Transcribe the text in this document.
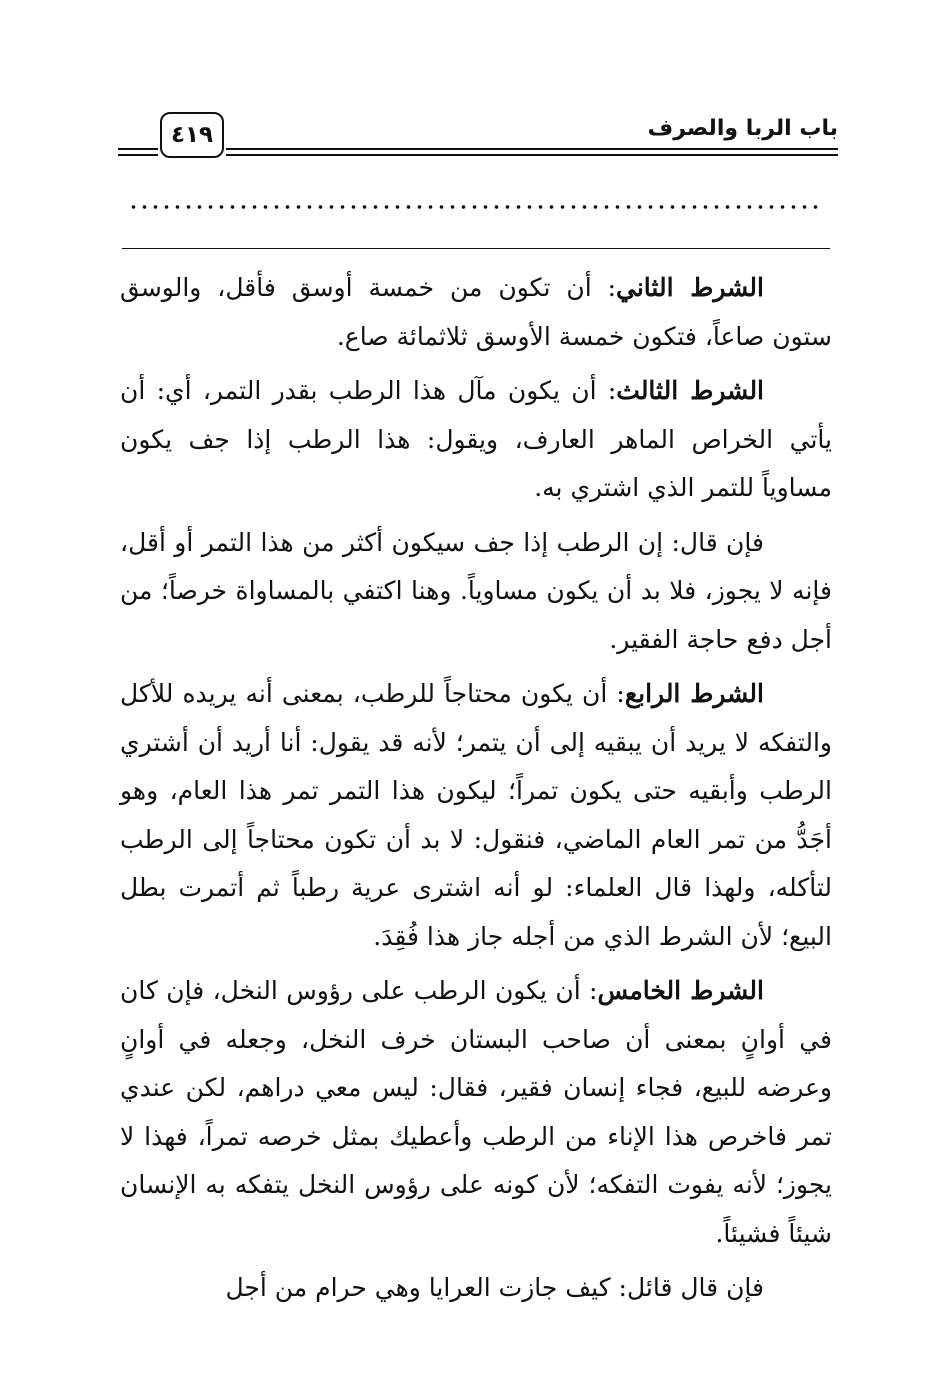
باب الربا والصرف
٤١٩

الشرط الثاني: أن تكون من خمسة أوسق فأقل، والوسق ستون صاعاً، فتكون خمسة الأوسق ثلاثمائة صاع.

الشرط الثالث: أن يكون مآل هذا الرطب بقدر التمر، أي: أن يأتي الخراص الماهر العارف، ويقول: هذا الرطب إذا جف يكون مساوياً للتمر الذي اشتري به.

فإن قال: إن الرطب إذا جف سيكون أكثر من هذا التمر أو أقل، فإنه لا يجوز، فلا بد أن يكون مساوياً. وهنا اكتفي بالمساواة خرصاً؛ من أجل دفع حاجة الفقير.

الشرط الرابع: أن يكون محتاجاً للرطب، بمعنى أنه يريده للأكل والتفكه لا يريد أن يبقيه إلى أن يتمر؛ لأنه قد يقول: أنا أريد أن أشتري الرطب وأبقيه حتى يكون تمراً؛ ليكون هذا التمر تمر هذا العام، وهو أجَدُّ من تمر العام الماضي، فنقول: لا بد أن تكون محتاجاً إلى الرطب لتأكله، ولهذا قال العلماء: لو أنه اشترى عرية رطباً ثم أتمرت بطل البيع؛ لأن الشرط الذي من أجله جاز هذا فُقِدَ.

الشرط الخامس: أن يكون الرطب على رؤوس النخل، فإن كان في أوانٍ بمعنى أن صاحب البستان خرف النخل، وجعله في أوانٍ وعرضه للبيع، فجاء إنسان فقير، فقال: ليس معي دراهم، لكن عندي تمر فاخرص هذا الإناء من الرطب وأعطيك بمثل خرصه تمراً، فهذا لا يجوز؛ لأنه يفوت التفكه؛ لأن كونه على رؤوس النخل يتفكه به الإنسان شيئاً فشيئاً.

فإن قال قائل: كيف جازت العرايا وهي حرام من أجل
